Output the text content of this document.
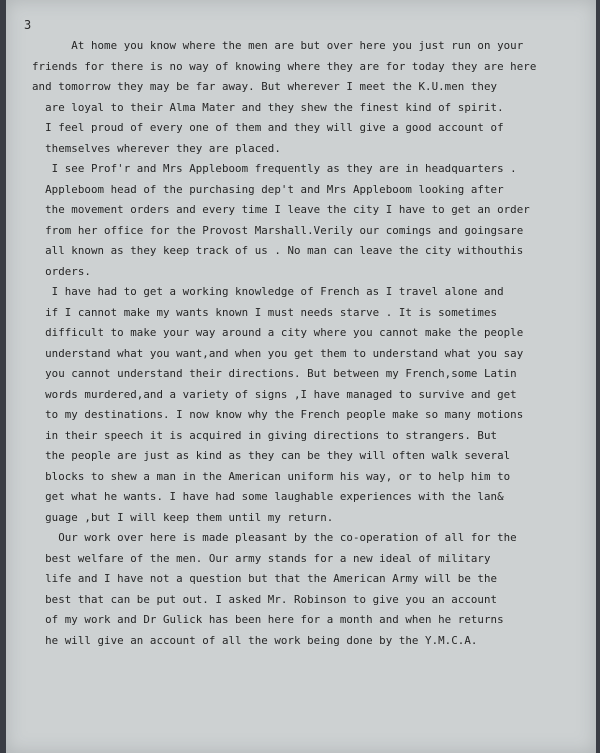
3
At home you know where the men are but over here you just run on your
friends for there is no way of knowing where they are for today they are here
and tomorrow they may be far away. But wherever I meet the K.U.men they
are loyal to their Alma Mater and they shew the finest kind of spirit.
I feel proud of every one of them and they will give a good account of
themselves wherever they are placed.
I see Prof'r and Mrs Appleboom frequently as they are in headquarters .
Appleboom head of the purchasing dep't and Mrs Appleboom looking after
the movement orders and every time I leave the city I have to get an order
from her office for the Provost Marshall.Verily our comings and goingsare
all known as they keep track of us . No man can leave the city withouthis
orders.
I have had to get a working knowledge of French as I travel alone and
if I cannot make my wants known I must needs starve . It is sometimes
difficult to make your way around a city where you cannot make the people
understand what you want,and when you get them to understand what you say
you cannot understand their directions. But between my French,some Latin
words murdered,and a variety of signs ,I have managed to survive and get
to my destinations. I now know why the French people make so many motions
in their speech it is acquired in giving directions to strangers. But
the people are just as kind as they can be they will often walk several
blocks to shew a man in the American uniform his way, or to help him to
get what he wants. I have had some laughable experiences with the lan&
guage ,but I will keep them until my return.
Our work over here is made pleasant by the co-operation of all for the
best welfare of the men. Our army stands for a new ideal of military
life and I have not a question but that the American Army will be the
best that can be put out. I asked Mr. Robinson to give you an account
of my work and Dr Gulick has been here for a month and when he returns
he will give an account of all the work being done by the Y.M.C.A.
